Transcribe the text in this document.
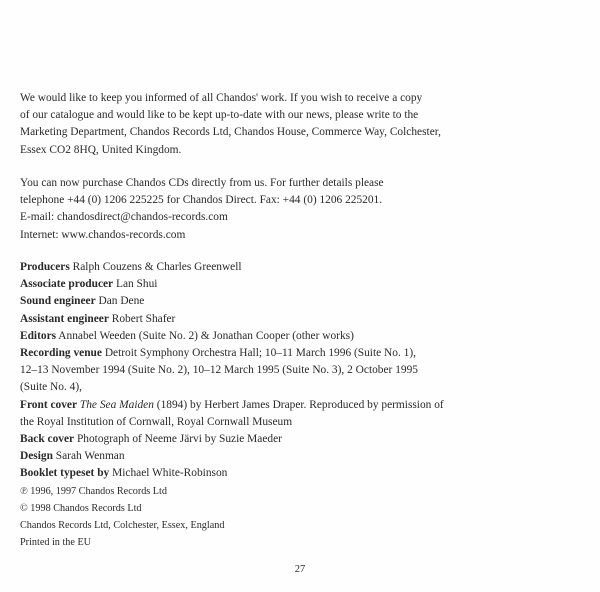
We would like to keep you informed of all Chandos' work. If you wish to receive a copy

of our catalogue and would like to be kept up-to-date with our news, please write to the

Marketing Department, Chandos Records Ltd, Chandos House, Commerce Way, Colchester,

Essex CO2 8HQ, United Kingdom.

You can now purchase Chandos CDs directly from us. For further details please

telephone +44 (0) 1206 225225 for Chandos Direct. Fax: +44 (0) 1206 225201.

E-mail: chandosdirect@chandos-records.com

Internet: www.chandos-records.com

Producers Ralph Couzens & Charles Greenwell

Associate producer Lan Shui

Sound engineer Dan Dene

Assistant engineer Robert Shafer

Editors Annabel Weeden (Suite No. 2) & Jonathan Cooper (other works)

Recording venue Detroit Symphony Orchestra Hall; 10–11 March 1996 (Suite No. 1),

12–13 November 1994 (Suite No. 2), 10–12 March 1995 (Suite No. 3), 2 October 1995

(Suite No. 4),

Front cover The Sea Maiden (1894) by Herbert James Draper. Reproduced by permission of

the Royal Institution of Cornwall, Royal Cornwall Museum

Back cover Photograph of Neeme Järvi by Suzie Maeder

Design Sarah Wenman

Booklet typeset by Michael White-Robinson

℗ 1996, 1997 Chandos Records Ltd

© 1998 Chandos Records Ltd

Chandos Records Ltd, Colchester, Essex, England

Printed in the EU

27
